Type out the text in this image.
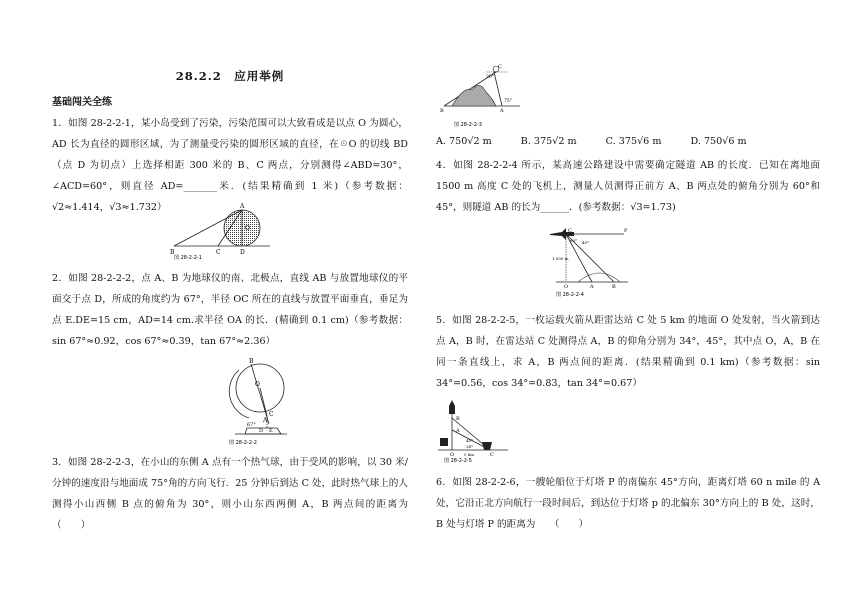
28.2.2　应用举例
基础闯关全练
1．如图 28-2-2-1，某小岛受到了污染，污染范围可以大致看成是以点 O 为圆心，AD 长为直径的圆形区域，为了测量受污染的圆形区域的直径，在☉O 的切线 BD（点 D 为切点）上选择相距 300 米的 B、C 两点，分别测得∠ABD=30°，∠ACD=60°，则直径 AD=_______米．(结果精确到 1 米)（参考数据：√2≈1.414，√3≈1.732）	A
O
B	C	D
图 28-2-2-1
2．如图 28-2-2-2，点 A、B 为地球仪的南、北极点，直线 AB 与放置地球仪的平面交于点 D，所成的角度约为 67°，半径 OC 所在的直线与放置平面垂直，垂足为点 E.DE=15 cm，AD=14 cm.求半径 OA 的长．(精确到 0.1 cm)（参考数据：sin 67°≈0.92，cos 67°≈0.39，tan 67°≈2.36）
B
O
C
A
D E
67°
图 28-2-2-2
3．如图 28-2-2-3，在小山的东侧 A 点有一个热气球，由于受风的影响，以 30 米/分钟的速度沿与地面成 75°角的方向飞行．25 分钟后到达 C 处，此时热气球上的人测得小山西侧 B 点的俯角为 30°，则小山东西两侧 A，B 两点间的距离为　　（　　）
C
30°
75°
B	A
图 28-2-2-3
A. 750√2 m	B. 375√2 m	C. 375√6 m	D. 750√6 m
4．如图 28-2-2-4 所示，某高速公路建设中需要确定隧道 AB 的长度．已知在离地面 1500 m 高度 C 处的飞机上，测量人员测得正前方 A、B 两点处的俯角分别为 60°和 45°，则隧道 AB 的长为______．(参考数据：√3=1.73)
C	P
60° 45°
1 500 m
O	A	B
图 28-2-2-4
5．如图 28-2-2-5，一枚运载火箭从距雷达站 C 处 5 km 的地面 O 处发射，当火箭到达点 A，B 时，在雷达站 C 处测得点 A，B 的仰角分别为 34°，45°，其中点 O，A，B 在同一条直线上，求 A，B 两点间的距离．(结果精确到 0.1 km)（参考数据：sin 34°=0.56，cos 34°=0.83，tan 34°=0.67）
B
A
45°
34°
O	C
5 km
图 28-2-2-5
6．如图 28-2-2-6，一艘轮船位于灯塔 P 的南偏东 45°方向，距离灯塔 60 n mile 的 A 处，它沿正北方向航行一段时间后，到达位于灯塔 p 的北偏东 30°方向上的 B 处，这时，B 处与灯塔 P 的距离为　　（　　）
